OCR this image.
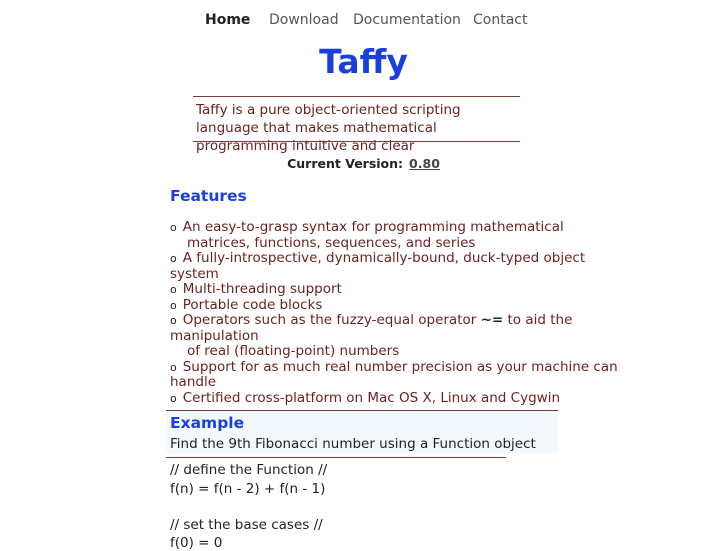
Home Download Documentation Contact
Taffy
Taffy is a pure object-oriented scripting language that makes mathematical programming intuitive and clear
Current Version: 0.80
Features
o An easy-to-grasp syntax for programming mathematical
matrices, functions, sequences, and series
o A fully-introspective, dynamically-bound, duck-typed object system
o Multi-threading support
o Portable code blocks
o Operators such as the fuzzy-equal operator ~= to aid the manipulation
of real (floating-point) numbers
o Support for as much real number precision as your machine can handle
o Certified cross-platform on Mac OS X, Linux and Cygwin
Example
Find the 9th Fibonacci number using a Function object
// define the Function //
f(n) = f(n - 2) + f(n - 1)
// set the base cases //
f(0) = 0
